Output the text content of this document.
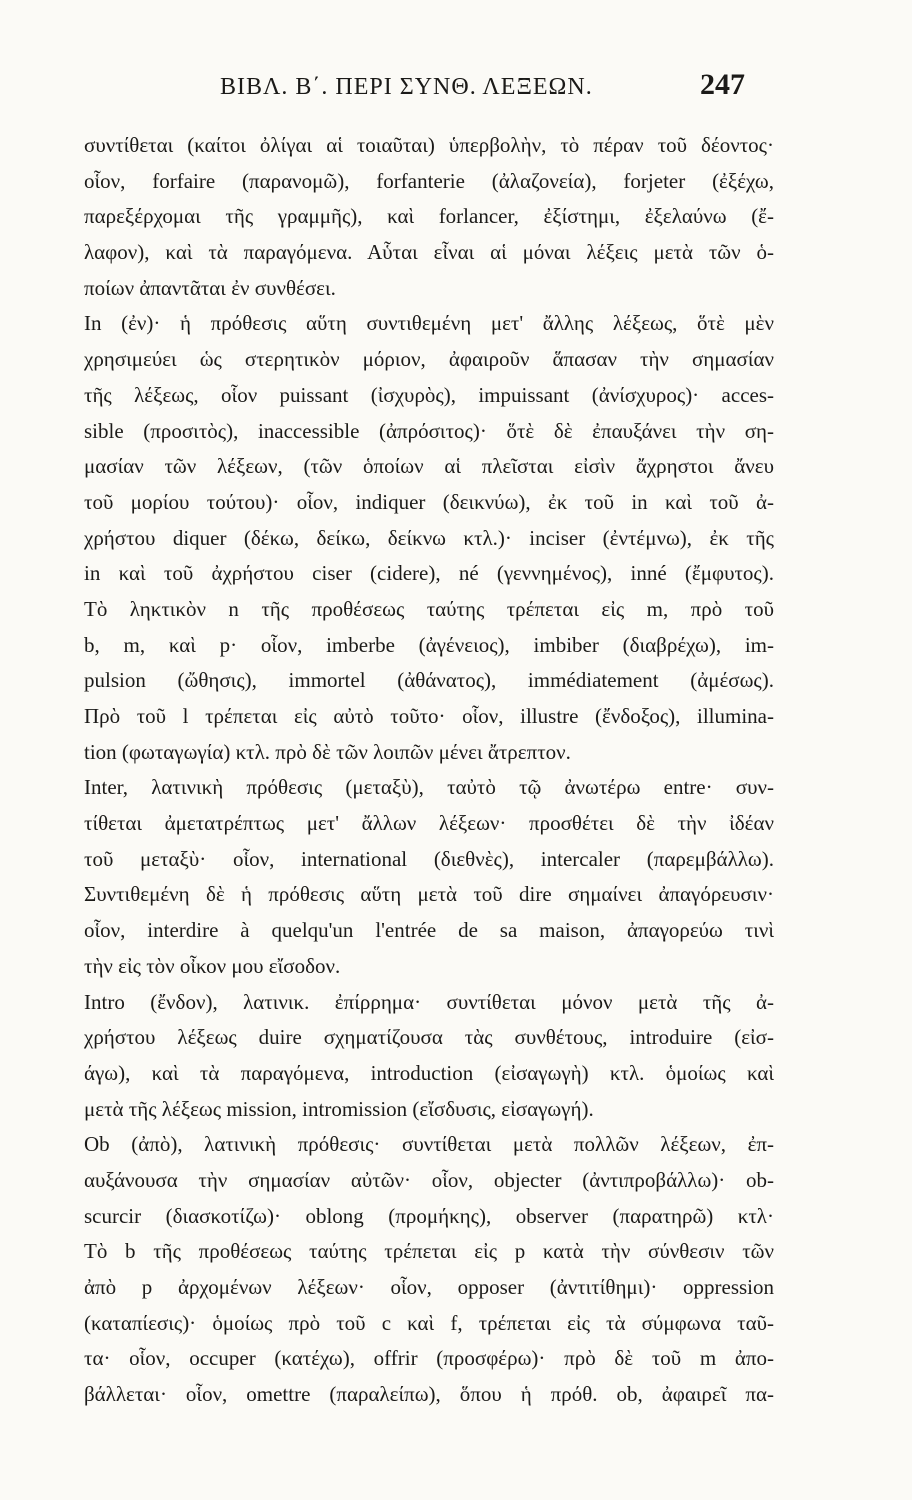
ΒΙΒΛ. Β΄. ΠΕΡΙ ΣΥΝΘ. ΛΕΞΕΩΝ.	247
συντίθεται (καίτοι ὀλίγαι αἱ τοιαῦται) ὑπερβολὴν, τὸ πέραν τοῦ δέοντος·
οἷον, forfaire (παρανομῶ), forfanterie (ἀλαζονεία), forjeter (ἐξέχω,
παρεξέρχομαι τῆς γραμμῆς), καὶ forlancer, ἐξίστημι, ἐξελαύνω (ἔ-
λαφον), καὶ τὰ παραγόμενα. Αὗται εἶναι αἱ μόναι λέξεις μετὰ τῶν ὁ-
ποίων ἀπαντᾶται ἐν συνθέσει.
In (ἐν)· ἡ πρόθεσις αὕτη συντιθεμένη μετ' ἄλλης λέξεως, ὅτὲ μὲν
χρησιμεύει ὡς στερητικὸν μόριον, ἀφαιροῦν ἅπασαν τὴν σημασίαν
τῆς λέξεως, οἷον puissant (ἰσχυρὸς), impuissant (ἀνίσχυρος)· acces-
sible (προσιτὸς), inaccessible (ἀπρόσιτος)· ὅτὲ δὲ ἐπαυξάνει τὴν ση-
μασίαν τῶν λέξεων, (τῶν ὁποίων αἱ πλεῖσται εἰσὶν ἄχρηστοι ἄνευ
τοῦ μορίου τούτου)· οἷον, indiquer (δεικνύω), ἐκ τοῦ in καὶ τοῦ ἀ-
χρήστου diquer (δέκω, δείκω, δείκνω κτλ.)· inciser (ἐντέμνω), ἐκ τῆς
in καὶ τοῦ ἀχρήστου ciser (cidere), né (γεννημένος), inné (ἔμφυτος).
Τὸ ληκτικὸν n τῆς προθέσεως ταύτης τρέπεται εἰς m, πρὸ τοῦ
b, m, καὶ p· οἷον, imberbe (ἀγένειος), imbiber (διαβρέχω), im-
pulsion (ὤθησις), immortel (ἀθάνατος), immédiatement (ἀμέσως).
Πρὸ τοῦ l τρέπεται εἰς αὐτὸ τοῦτο· οἷον, illustre (ἔνδοξος), illumina-
tion (φωταγωγία) κτλ. πρὸ δὲ τῶν λοιπῶν μένει ἄτρεπτον.
Inter, λατινικὴ πρόθεσις (μεταξὺ), ταὐτὸ τῷ ἀνωτέρω entre· συν-
τίθεται ἀμετατρέπτως μετ' ἄλλων λέξεων· προσθέτει δὲ τὴν ἰδέαν
τοῦ μεταξὺ· οἷον, international (διεθνὲς), intercaler (παρεμβάλλω).
Συντιθεμένη δὲ ἡ πρόθεσις αὕτη μετὰ τοῦ dire σημαίνει ἀπαγόρευσιν·
οἷον, interdire à quelqu'un l'entrée de sa maison, ἀπαγορεύω τινὶ
τὴν εἰς τὸν οἶκον μου εἴσοδον.
Intro (ἔνδον), λατινικ. ἐπίρρημα· συντίθεται μόνον μετὰ τῆς ἀ-
χρήστου λέξεως duire σχηματίζουσα τὰς συνθέτους, introduire (εἰσ-
άγω), καὶ τὰ παραγόμενα, introduction (εἰσαγωγὴ) κτλ. ὁμοίως καὶ
μετὰ τῆς λέξεως mission, intromission (εἴσδυσις, εἰσαγωγή).
Ob (ἀπὸ), λατινικὴ πρόθεσις· συντίθεται μετὰ πολλῶν λέξεων, ἐπ-
αυξάνουσα τὴν σημασίαν αὐτῶν· οἷον, objecter (ἀντιπροβάλλω)· ob-
scurcir (διασκοτίζω)· oblong (προμήκης), observer (παρατηρῶ) κτλ·
Τὸ b τῆς προθέσεως ταύτης τρέπεται εἰς p κατὰ τὴν σύνθεσιν τῶν
ἀπὸ p ἀρχομένων λέξεων· οἷον, opposer (ἀντιτίθημι)· oppression
(καταπίεσις)· ὁμοίως πρὸ τοῦ c καὶ f, τρέπεται εἰς τὰ σύμφωνα ταῦ-
τα· οἷον, occuper (κατέχω), offrir (προσφέρω)· πρὸ δὲ τοῦ m ἀπο-
βάλλεται· οἷον, omettre (παραλείπω), ὅπου ἡ πρόθ. ob, ἀφαιρεῖ πα-
